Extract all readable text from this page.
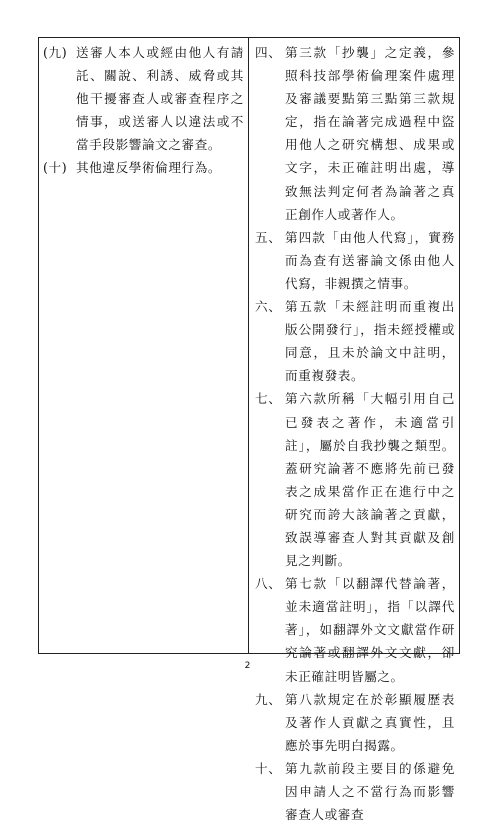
(九) 送審人本人或經由他人有請託、關說、利誘、威脅或其他干擾審查人或審查程序之情事，或送審人以違法或不當手段影響論文之審查。
(十) 其他違反學術倫理行為。
四、 第三款「抄襲」之定義，參照科技部學術倫理案件處理及審議要點第三點第三款規定，指在論著完成過程中盜用他人之研究構想、成果或文字，未正確註明出處，導致無法判定何者為論著之真正創作人或著作人。
五、 第四款「由他人代寫」，實務而為查有送審論文係由他人代寫，非親撰之情事。
六、 第五款「未經註明而重複出版公開發行」，指未經授權或同意，且未於論文中註明，而重複發表。
七、 第六款所稱「大幅引用自己已發表之著作，未適當引註」，屬於自我抄襲之類型。蓋研究論著不應將先前已發表之成果當作正在進行中之研究而誇大該論著之貢獻，致誤導審查人對其貢獻及創見之判斷。
八、 第七款「以翻譯代替論著，並未適當註明」，指「以譯代著」，如翻譯外文文獻當作研究論著或翻譯外文文獻，卻未正確註明皆屬之。
九、 第八款規定在於彰顯履歷表及著作人貢獻之真實性，且應於事先明白揭露。
十、 第九款前段主要目的係避免因申請人之不當行為而影響審查人或審查
2
